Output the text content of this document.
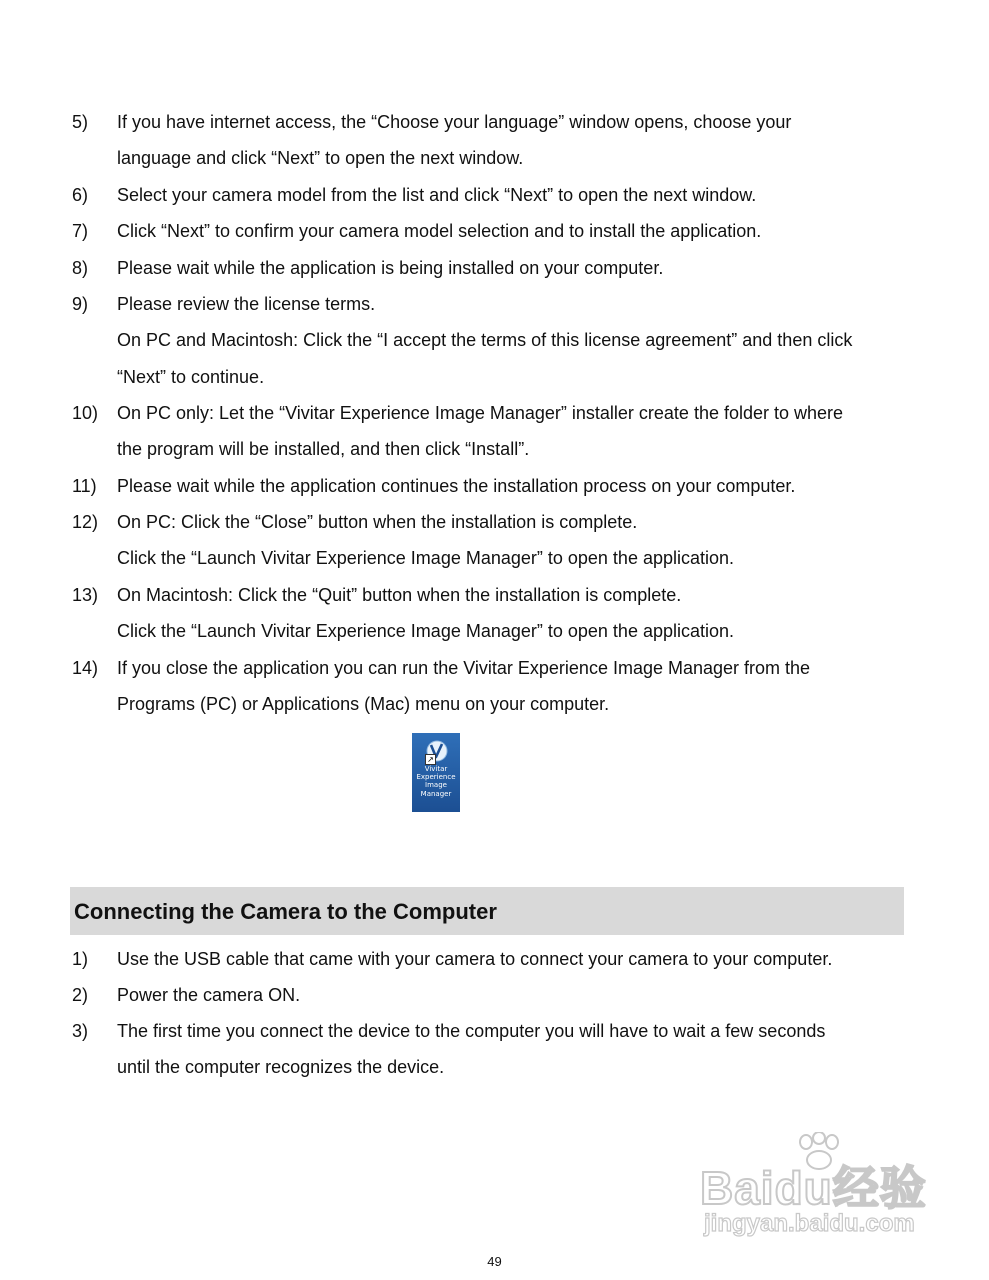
5)	If you have internet access, the “Choose your language” window opens, choose your
language and click “Next” to open the next window.
6)	Select your camera model from the list and click “Next” to open the next window.
7)	Click “Next” to confirm your camera model selection and to install the application.
8)	Please wait while the application is being installed on your computer.
9)	Please review the license terms.
On PC and Macintosh: Click the “I accept the terms of this license agreement” and then click
“Next” to continue.
10)	On PC only: Let the “Vivitar Experience Image Manager” installer create the folder to where
the program will be installed, and then click “Install”.
11)	Please wait while the application continues the installation process on your computer.
12)	On PC: Click the “Close” button when the installation is complete.
Click the “Launch Vivitar Experience Image Manager” to open the application.
13)	On Macintosh: Click the “Quit” button when the installation is complete.
Click the “Launch Vivitar Experience Image Manager” to open the application.
14)	If you close the application you can run the Vivitar Experience Image Manager from the
Programs (PC) or Applications (Mac) menu on your computer.
↗
Vivitar
Experience
Image
Manager
Connecting the Camera to the Computer
1)	Use the USB cable that came with your camera to connect your camera to your computer.
2)	Power the camera ON.
3)	The first time you connect the device to the computer you will have to wait a few seconds
until the computer recognizes the device.
Baidu经验
jingyan.baidu.com
49
